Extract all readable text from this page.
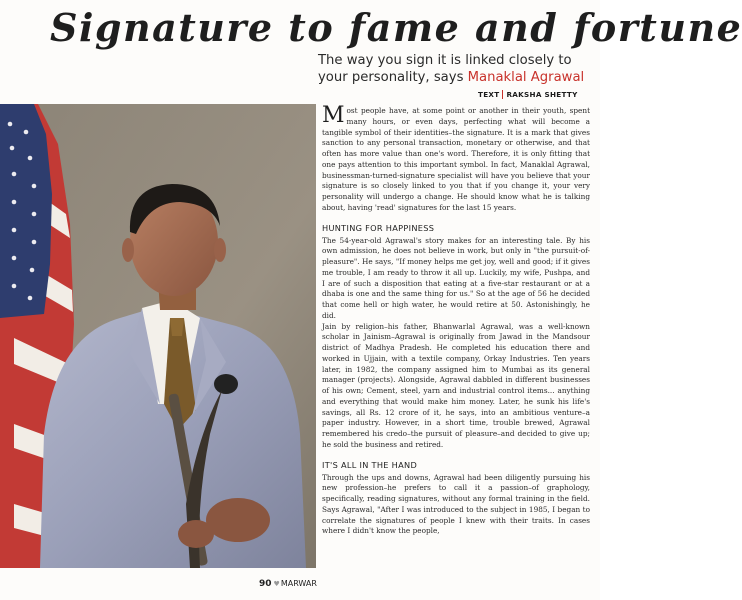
Signature to fame and fortune
The way you sign it is linked closely to your personality, says Manaklal Agrawal
TEXT RAKSHA SHETTY

Most people have, at some point or another in their youth, spent many hours, or even days, perfecting what will become a tangible symbol of their identities–the signature. It is a mark that gives sanction to any personal transaction, monetary or otherwise, and that often has more value than one's word. Therefore, it is only fitting that one pays attention to this important symbol. In fact, Manaklal Agrawal, businessman-turned-signature specialist will have you believe that your signature is so closely linked to you that if you change it, your very personality will undergo a change. He should know what he is talking about, having 'read' signatures for the last 15 years.

HUNTING FOR HAPPINESS

The 54-year-old Agrawal's story makes for an interesting tale. By his own admission, he does not believe in work, but only in "the pursuit-of-pleasure". He says, "If money helps me get joy, well and good; if it gives me trouble, I am ready to throw it all up. Luckily, my wife, Pushpa, and I are of such a disposition that eating at a five-star restaurant or at a dhaba is one and the same thing for us." So at the age of 56 he decided that come hell or high water, he would retire at 50. Astonishingly, he did.

Jain by religion–his father, Bhanwarlal Agrawal, was a well-known scholar in Jainism–Agrawal is originally from Jawad in the Mandsour district of Madhya Pradesh. He completed his education there and worked in Ujjain, with a textile company, Orkay Industries. Ten years later, in 1982, the company assigned him to Mumbai as its general manager (projects). Alongside, Agrawal dabbled in different businesses of his own; Cement, steel, yarn and industrial control items... anything and everything that would make him money. Later, he sunk his life's savings, all Rs. 12 crore of it, he says, into an ambitious venture–a paper industry. However, in a short time, trouble brewed, Agrawal remembered his credo–the pursuit of pleasure–and decided to give up; he sold the business and retired.

IT'S ALL IN THE HAND

Through the ups and downs, Agrawal had been diligently pursuing his new profession–he prefers to call it a passion–of graphology, specifically, reading signatures, without any formal training in the field. Says Agrawal, "After I was introduced to the subject in 1985, I began to correlate the signatures of people I knew with their traits. In cases where I didn't know the people,

90 ♥MARWAR
